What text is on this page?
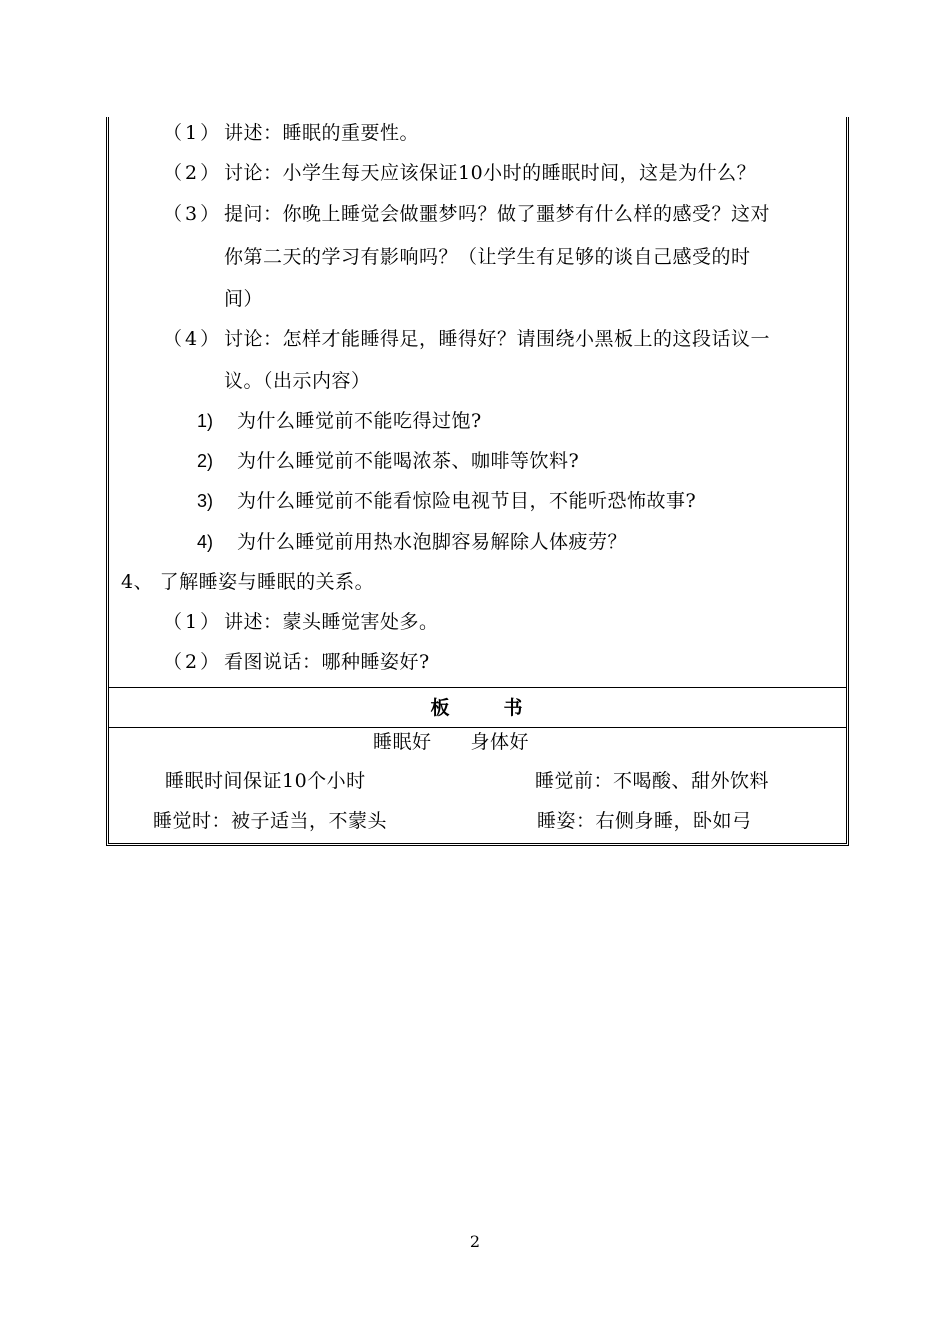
（1） 讲述：睡眠的重要性。
（2） 讨论：小学生每天应该保证10小时的睡眠时间，这是为什么？
（3） 提问：你晚上睡觉会做噩梦吗？做了噩梦有什么样的感受？这对
你第二天的学习有影响吗？（让学生有足够的谈自己感受的时
间）
（4） 讨论：怎样才能睡得足，睡得好？请围绕小黑板上的这段话议一
议。（出示内容）
1) 为什么睡觉前不能吃得过饱?
2) 为什么睡觉前不能喝浓茶、咖啡等饮料?
3) 为什么睡觉前不能看惊险电视节目，不能听恐怖故事?
4) 为什么睡觉前用热水泡脚容易解除人体疲劳？
4、 了解睡姿与睡眠的关系。
（1） 讲述：蒙头睡觉害处多。
（2） 看图说话：哪种睡姿好?
板	书
睡眠好　　身体好
睡眠时间保证10个小时	睡觉前：不喝酸、甜外饮料
睡觉时：被子适当，不蒙头	睡姿：右侧身睡，卧如弓
2
